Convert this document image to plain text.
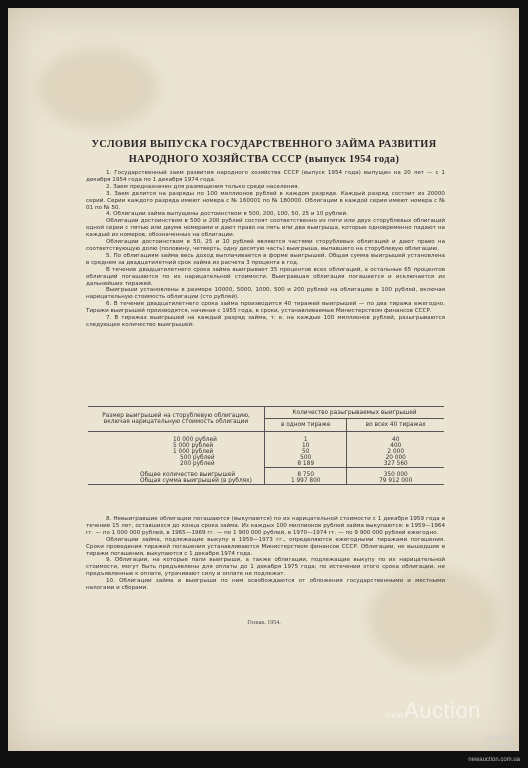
УСЛОВИЯ ВЫПУСКА ГОСУДАРСТВЕННОГО ЗАЙМА РАЗВИТИЯ
НАРОДНОГО ХОЗЯЙСТВА СССР (выпуск 1954 года)

1. Государственный заем развития народного хозяйства СССР (выпуск 1954 года) выпущен на 20 лет — с 1 декабря 1954 года по 1 декабря 1974 года.

2. Заем предназначен для размещения только среди населения.

3. Заем делится на разряды по 100 миллионов рублей в каждом разряде. Каждый разряд состоит из 20000 серий. Серии каждого разряда имеют номера с № 160001 по № 180000. Облигации в каждой серии имеют номера с № 01 по № 50.

4. Облигации займа выпущены достоинством в 500, 200, 100, 50, 25 и 10 рублей.

Облигации достоинством в 500 и 200 рублей состоят соответственно из пяти или двух сторублевых облигаций одной серии с пятью или двумя номерами и дают право на пять или два выигрыша, которые одновременно падают на каждый из номеров, обозначенных на облигации.

Облигации достоинством в 50, 25 и 10 рублей являются частями сторублевых облигаций и дают право на соответствующую долю (половину, четверть, одну десятую часть) выигрыша, выпавшего на сторублевую облигацию.

5. По облигациям займа весь доход выплачивается в форме выигрышей. Общая сумма выигрышей установлена в среднем за двадцатилетний срок займа из расчета 3 процента в год.

В течение двадцатилетнего срока займа выигрывает 35 процентов всех облигаций, а остальные 65 процентов облигаций погашаются по их нарицательной стоимости. Выигравшая облигация погашается и исключается из дальнейших тиражей.

Выигрыши установлены в размере 10000, 5000, 1000, 500 и 200 рублей на облигацию в 100 рублей, включая нарицательную стоимость облигации (сто рублей).

6. В течение двадцатилетнего срока займа производится 40 тиражей выигрышей — по два тиража ежегодно. Тиражи выигрышей производятся, начиная с 1955 года, в сроки, устанавливаемые Министерством финансов СССР.

7. В тиражах выигрышей на каждый разряд займа, т. е. на каждые 100 миллионов рублей, разыгрываются следующее количество выигрышей:

Размер выигрышей на сторублевую облигацию, включая нарицательную стоимость облигации	Количество разыгрываемых выигрышей	
	в одном тираже	во всех 40 тиражах

10 000 рублей	1	40
5 000 рублей	10	400
1 000 рублей	50	2 000
500 рублей	500	20 000
200 рублей	8 189	327 560

Общее количество выигрышей	8 750	350 000
Общая сумма выигрышей (в рублях)	1 997 800	79 912 000

8. Невыигравшие облигации погашаются (выкупаются) по их нарицательной стоимости с 1 декабря 1959 года в течение 15 лет, оставшихся до конца срока займа. Из каждых 100 миллионов рублей займа выкупаются: в 1959—1964 гг. — по 1 000 000 рублей, в 1965—1969 гг. — по 1 900 000 рублей, в 1970—1974 гг. — по 9 900 000 рублей ежегодно.

Облигации займа, подлежащие выкупу в 1959—1973 гг., определяются ежегодными тиражами погашения. Сроки проведения тиражей погашения устанавливаются Министерством финансов СССР. Облигации, не вышедшие в тиражи погашения, выкупаются с 1 декабря 1974 года.

9. Облигации, на которые пали выигрыши, а также облигации, подлежащие выкупу по их нарицательной стоимости, могут быть предъявлены для оплаты до 1 декабря 1975 года; по истечении этого срока облигации, не предъявленные к оплате, утрачивают силу и оплате не подлежат.

10. Облигации займа и выигрыши по ним освобождаются от обложения государственными и местными налогами и сборами.

Гознак. 1954.
newAuction
UKRAINE
Lider7773
newauction.com.ua
